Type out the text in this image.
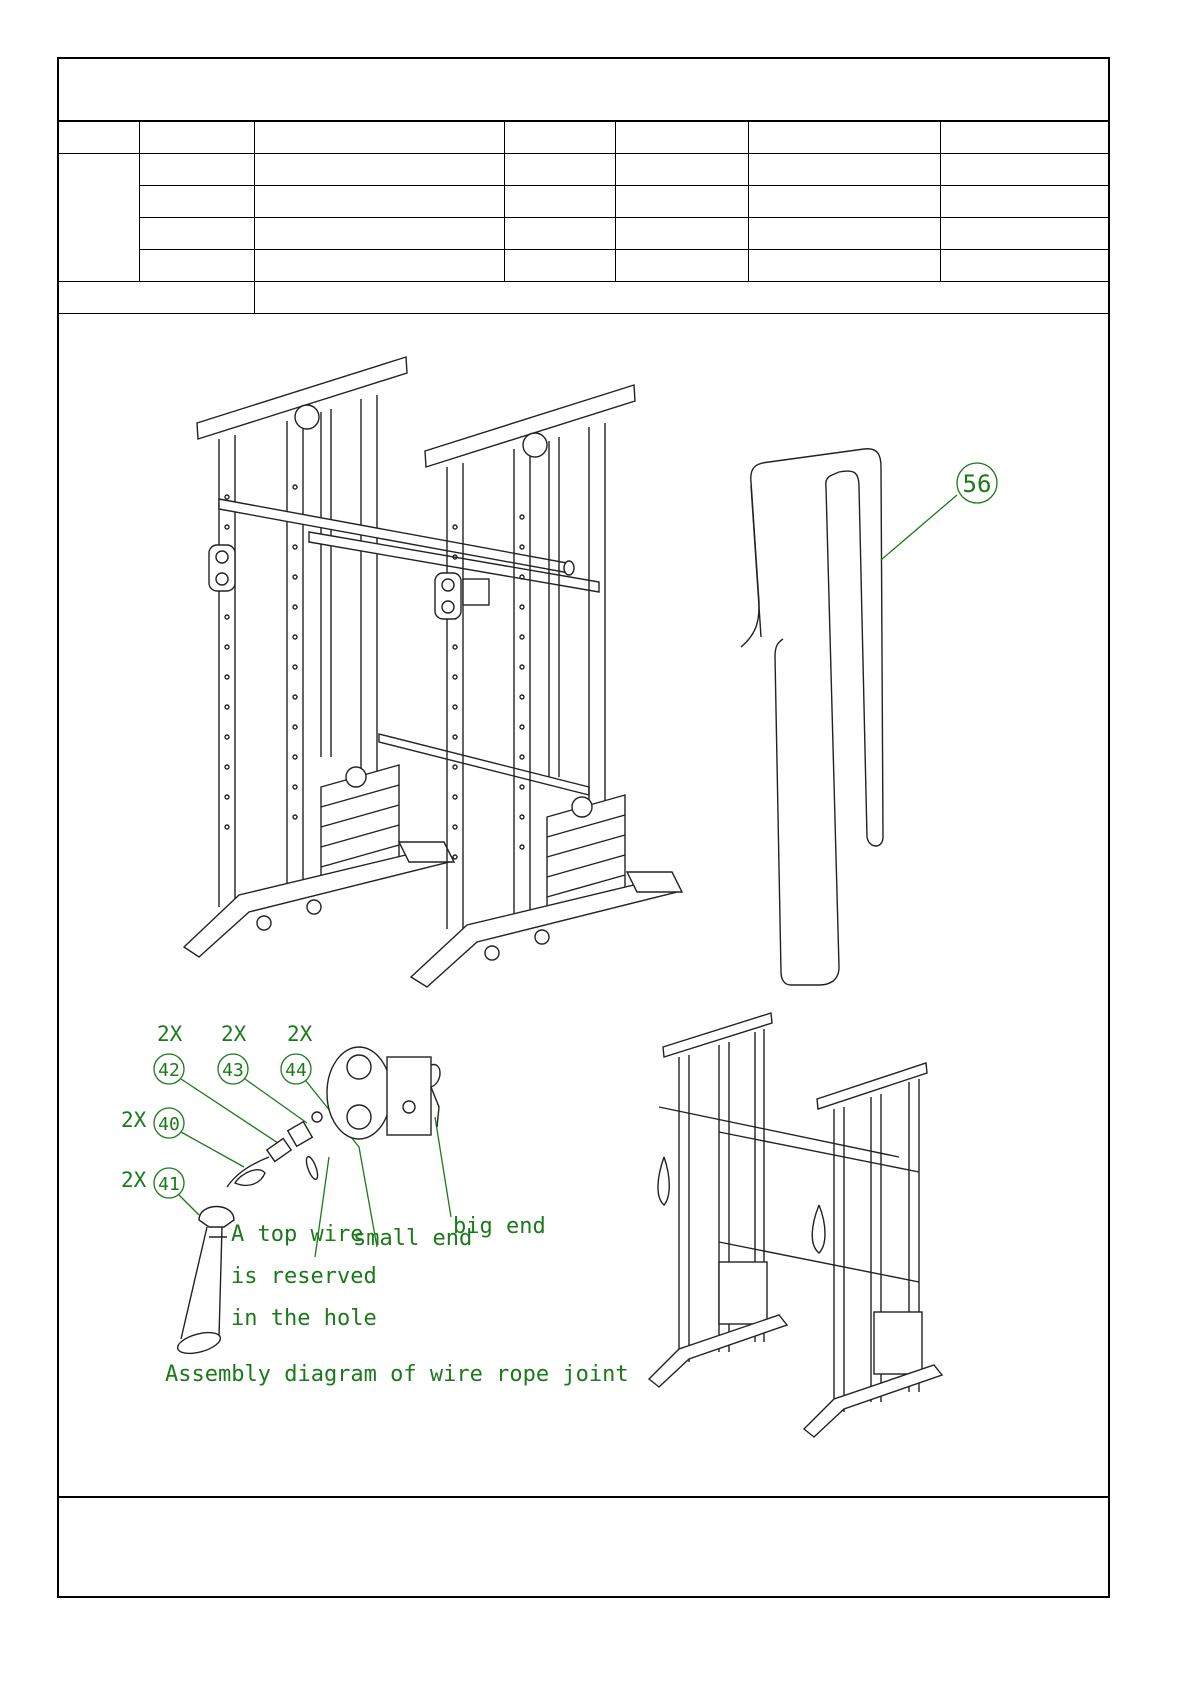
56
2X 2X 2X
2X
2X
42 43 44
40
41
A top wire
is reserved
in the hole
small end
big end
Assembly diagram of wire rope joint
